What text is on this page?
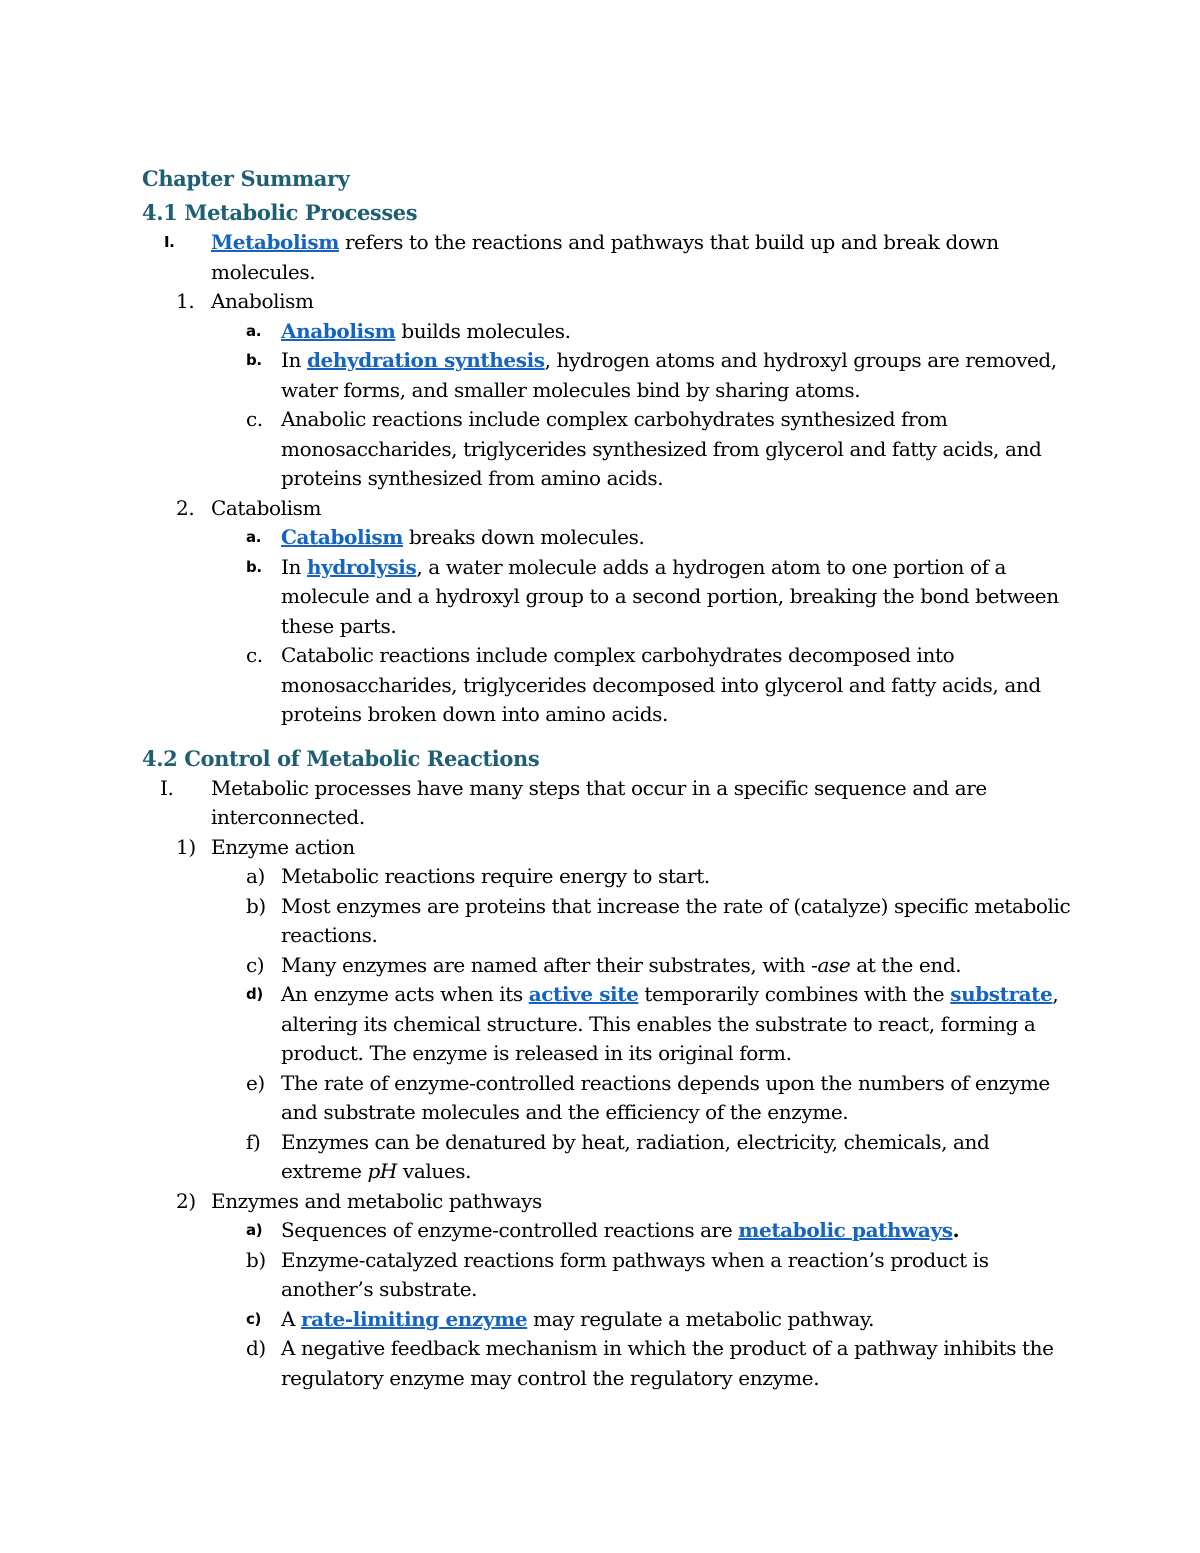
Chapter Summary
4.1 Metabolic Processes
I. Metabolism refers to the reactions and pathways that build up and break down molecules.
1. Anabolism
a. Anabolism builds molecules.
b. In dehydration synthesis, hydrogen atoms and hydroxyl groups are removed, water forms, and smaller molecules bind by sharing atoms.
c. Anabolic reactions include complex carbohydrates synthesized from monosaccharides, triglycerides synthesized from glycerol and fatty acids, and proteins synthesized from amino acids.
2. Catabolism
a. Catabolism breaks down molecules.
b. In hydrolysis, a water molecule adds a hydrogen atom to one portion of a molecule and a hydroxyl group to a second portion, breaking the bond between these parts.
c. Catabolic reactions include complex carbohydrates decomposed into monosaccharides, triglycerides decomposed into glycerol and fatty acids, and proteins broken down into amino acids.
4.2 Control of Metabolic Reactions
I. Metabolic processes have many steps that occur in a specific sequence and are interconnected.
1) Enzyme action
a) Metabolic reactions require energy to start.
b) Most enzymes are proteins that increase the rate of (catalyze) specific metabolic reactions.
c) Many enzymes are named after their substrates, with -ase at the end.
d) An enzyme acts when its active site temporarily combines with the substrate, altering its chemical structure. This enables the substrate to react, forming a product. The enzyme is released in its original form.
e) The rate of enzyme-controlled reactions depends upon the numbers of enzyme and substrate molecules and the efficiency of the enzyme.
f) Enzymes can be denatured by heat, radiation, electricity, chemicals, and extreme pH values.
2) Enzymes and metabolic pathways
a) Sequences of enzyme-controlled reactions are metabolic pathways.
b) Enzyme-catalyzed reactions form pathways when a reaction’s product is another’s substrate.
c) A rate-limiting enzyme may regulate a metabolic pathway.
d) A negative feedback mechanism in which the product of a pathway inhibits the regulatory enzyme may control the regulatory enzyme.
